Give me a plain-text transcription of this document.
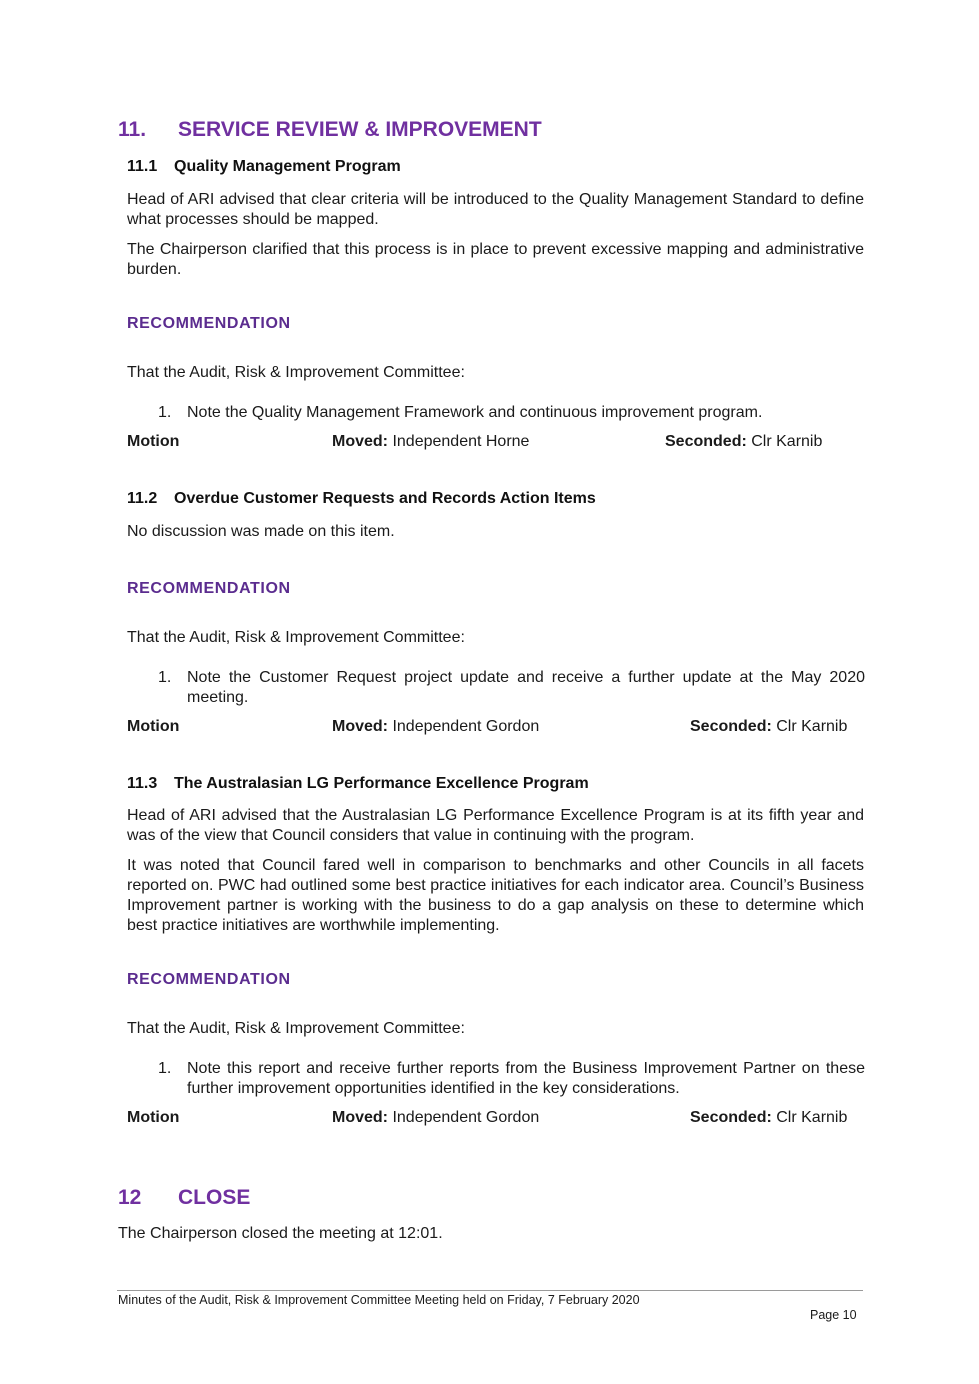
11. SERVICE REVIEW & IMPROVEMENT
11.1 Quality Management Program
Head of ARI advised that clear criteria will be introduced to the Quality Management Standard to define what processes should be mapped.
The Chairperson clarified that this process is in place to prevent excessive mapping and administrative burden.
RECOMMENDATION
That the Audit, Risk & Improvement Committee:
1. Note the Quality Management Framework and continuous improvement program.
Motion	Moved: Independent Horne	Seconded: Clr Karnib
11.2 Overdue Customer Requests and Records Action Items
No discussion was made on this item.
RECOMMENDATION
That the Audit, Risk & Improvement Committee:
1. Note the Customer Request project update and receive a further update at the May 2020 meeting.
Motion	Moved: Independent Gordon	Seconded: Clr Karnib
11.3 The Australasian LG Performance Excellence Program
Head of ARI advised that the Australasian LG Performance Excellence Program is at its fifth year and was of the view that Council considers that value in continuing with the program.
It was noted that Council fared well in comparison to benchmarks and other Councils in all facets reported on. PWC had outlined some best practice initiatives for each indicator area. Council’s Business Improvement partner is working with the business to do a gap analysis on these to determine which best practice initiatives are worthwhile implementing.
RECOMMENDATION
That the Audit, Risk & Improvement Committee:
1. Note this report and receive further reports from the Business Improvement Partner on these further improvement opportunities identified in the key considerations.
Motion	Moved: Independent Gordon	Seconded: Clr Karnib
12 CLOSE
The Chairperson closed the meeting at 12:01.
Minutes of the Audit, Risk & Improvement Committee Meeting held on Friday, 7 February 2020
Page 10
